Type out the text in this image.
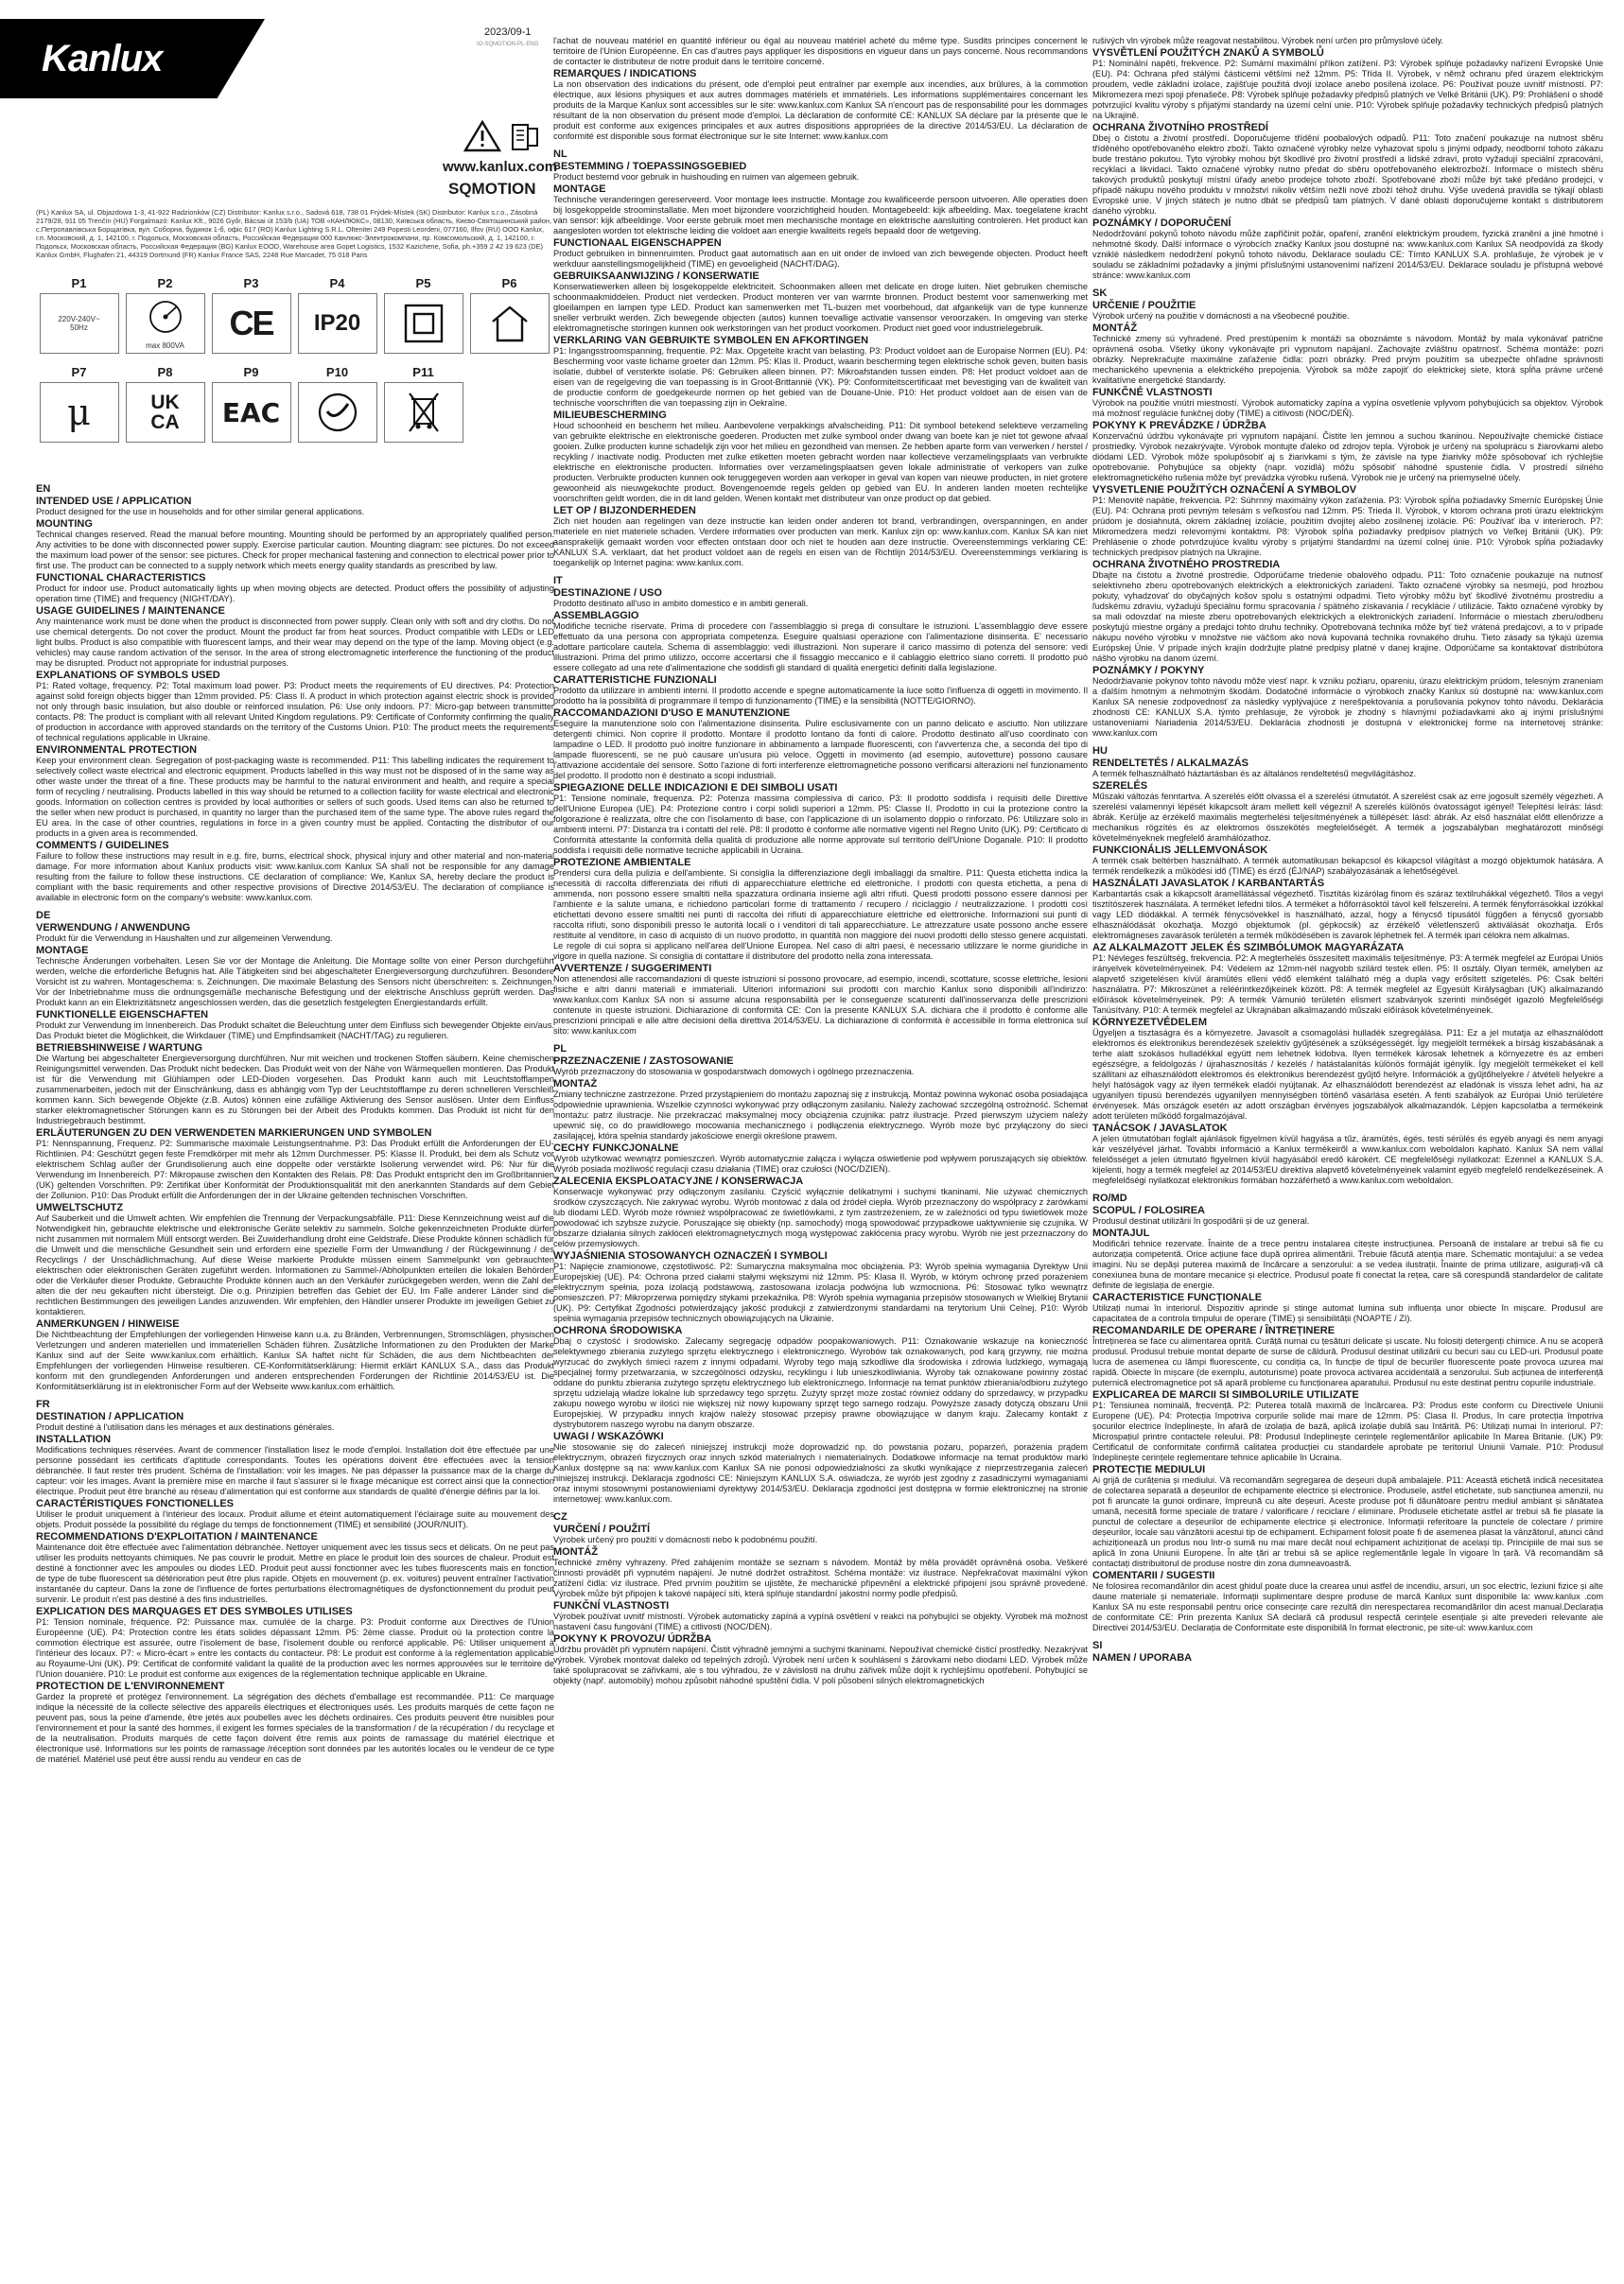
Kanlux
2023/09-1
IO-SQMOTION-PL-ENG
www.kanlux.com
SQMOTION
(PL) Kanlux SA, ul. Objazdowa 1-3, 41-922 Radzionków (CZ) Distributor: Kanlux s.r.o., Sadová 618, 738 01 Frýdek-Místek (SK) Distributor: Kanlux s.r.o., Zásobná 2179/28, 911 05 Trenčín (HU) Forgalmazó: Kanlux Kft., 9026 Győr, Bácsai út 153/b (UA) ТОВ «КАНЛЮКС», 08130, Київська область, Києво-Святошинський район, с.Петропавлівська Борщагівка, вул. Соборна, будинок 1-б, офіс 617 (RO) Kanlux Lighting S.R.L. Oltenitei 249 Popesti Leordeni, 077160, Ilfov (RU) ООО Kanlux, г.п. Московский, д. 1, 142100, г. Подольск, Московская область, Российская Федерация 000 Канлюкс-Электрокомпани, пр. Комсомольский, д. 1, 142100, г. Подольск, Московская область, Российская Федерация (BG) Kanlux EOOD, Warehouse area Gopet Logistics, 1532 Kazichene, Sofia, ph.+359 2 42 19 623 (DE) Kanlux GmbH, Flughafen 21, 44319 Dortmund (FR) Kanlux France SAS, 2248 Rue Marcadet, 75 018 Paris
P1
220V-240V~
50Hz
P2
max 800VA
P3
CE
P4
IP20
P5	P6
P7
μ
P8
UK
CA
P9
EAC
P10	P11
EN
INTENDED USE / APPLICATION

Product designed for the use in households and for other similar general applications.

MOUNTING

Technical changes reserved. Read the manual before mounting. Mounting should be performed by an appropriately qualified person. Any activities to be done with disconnected power supply. Exercise particular caution. Mounting diagram: see pictures. Do not exceed the maximum load power of the sensor: see pictures. Check for proper mechanical fastening and connection to electrical power prior to first use. The product can be connected to a supply network which meets energy quality standards as prescribed by law.

FUNCTIONAL CHARACTERISTICS

Product for indoor use. Product automatically lights up when moving objects are detected. Product offers the possibility of adjusting operation time (TIME) and frequency (NIGHT/DAY).

USAGE GUIDELINES / MAINTENANCE

Any maintenance work must be done when the product is disconnected from power supply. Clean only with soft and dry cloths. Do not use chemical detergents. Do not cover the product. Mount the product far from heat sources. Product compatible with LEDs or LED light bulbs. Product is also compatible with fluorescent lamps, and their wear may depend on the type of the lamp. Moving object (e.g. vehicles) may cause random activation of the sensor. In the area of strong electromagnetic interference the functioning of the product may be disrupted. Product not appropriate for industrial purposes.

EXPLANATIONS OF SYMBOLS USED

P1: Rated voltage, frequency. P2: Total maximum load power. P3: Product meets the requirements of EU directives. P4: Protection against solid foreign objects bigger than 12mm provided. P5: Class II. A product in which protection against electric shock is provided not only through basic insulation, but also double or reinforced insulation. P6: Use only indoors. P7: Micro-gap between transmitter contacts. P8: The product is compliant with all relevant United Kingdom regulations. P9: Certificate of Conformity confirming the quality of production in accordance with approved standards on the territory of the Customs Union. P10: The product meets the requirements of technical regulations applicable in Ukraine.

ENVIRONMENTAL PROTECTION

Keep your environment clean. Segregation of post-packaging waste is recommended. P11: This labelling indicates the requirement to selectively collect waste electrical and electronic equipment. Products labelled in this way must not be disposed of in the same way as other waste under the threat of a fine. These products may be harmful to the natural environment and health, and require a special form of recycling / neutralising. Products labelled in this way should be returned to a collection facility for waste electrical and electronic goods. Information on collection centres is provided by local authorities or sellers of such goods. Used items can also be returned to the seller when new product is purchased, in quantity no larger than the purchased item of the same type. The above rules regard the EU area. In the case of other countries, regulations in force in a given country must be applied. Contacting the distributor of our products in a given area is recommended.

COMMENTS / GUIDELINES

Failure to follow these instructions may result in e.g. fire, burns, electrical shock, physical injury and other material and non-material damage. For more information about Kanlux products visit: www.kanlux.com Kanlux SA shall not be responsible for any damage resulting from the failure to follow these instructions. CE declaration of compliance: We, Kanlux SA, hereby declare the product is compliant with the basic requirements and other respective provisions of Directive 2014/53/EU. The declaration of compliance is available in electronic form on the company's website: www.kanlux.com.

DE
VERWENDUNG / ANWENDUNG

Produkt für die Verwendung in Haushalten und zur allgemeinen Verwendung.

MONTAGE

Technische Änderungen vorbehalten. Lesen Sie vor der Montage die Anleitung. Die Montage sollte von einer Person durchgeführt werden, welche die erforderliche Befugnis hat. Alle Tätigkeiten sind bei abgeschalteter Energieversorgung durchzuführen. Besondere Vorsicht ist zu wahren. Montageschema: s. Zeichnungen. Die maximale Belastung des Sensors nicht überschreiten: s. Zeichnungen. Vor der Inbetriebnahme muss die ordnungsgemäße mechanische Befestigung und der elektrische Anschluss geprüft werden. Das Produkt kann an ein Elektrizitätsnetz angeschlossen werden, das die gesetzlich festgelegten Energiestandards erfüllt.

FUNKTIONELLE EIGENSCHAFTEN

Produkt zur Verwendung im Innenbereich. Das Produkt schaltet die Beleuchtung unter dem Einfluss sich bewegender Objekte ein/aus. Das Produkt bietet die Möglichkeit, die Wirkdauer (TIME) und Empfindsamkeit (NACHT/TAG) zu regulieren.

BETRIEBSHINWEISE / WARTUNG

Die Wartung bei abgeschalteter Energieversorgung durchführen. Nur mit weichen und trockenen Stoffen säubern. Keine chemischen Reinigungsmittel verwenden. Das Produkt nicht bedecken. Das Produkt weit von der Nähe von Wärmequellen montieren. Das Produkt ist für die Verwendung mit Glühlampen oder LED-Dioden vorgesehen. Das Produkt kann auch mit Leuchtstofflampen zusammenarbeiten, jedoch mit der Einschränkung, dass es abhängig vom Typ der Leuchtstofflampe zu deren schnelleren Verschleiß kommen kann. Sich bewegende Objekte (z.B. Autos) können eine zufällige Aktivierung des Sensor auslösen. Unter dem Einfluss starker elektromagnetischer Störungen kann es zu Störungen bei der Arbeit des Produkts kommen. Das Produkt ist nicht für den Industriegebrauch bestimmt.

ERLÄUTERUNGEN ZU DEN VERWENDETEN MARKIERUNGEN UND SYMBOLEN

P1: Nennspannung, Frequenz. P2: Summarische maximale Leistungsentnahme. P3: Das Produkt erfüllt die Anforderungen der EU-Richtlinien. P4: Geschützt gegen feste Fremdkörper mit mehr als 12mm Durchmesser. P5: Klasse II. Produkt, bei dem als Schutz vor elektrischem Schlag außer der Grundisolierung auch eine doppelte oder verstärkte Isolierung verwendet wird. P6: Nur für die Verwendung im Innenbereich. P7: Mikropause zwischen den Kontakten des Relais. P8: Das Produkt entspricht den im Großbritannien (UK) geltenden Vorschriften. P9: Zertifikat über Konformität der Produktionsqualität mit den anerkannten Standards auf dem Gebiet der Zollunion. P10: Das Produkt erfüllt die Anforderungen der in der Ukraine geltenden technischen Vorschriften.

UMWELTSCHUTZ

Auf Sauberkeit und die Umwelt achten. Wir empfehlen die Trennung der Verpackungsabfälle. P11: Diese Kennzeichnung weist auf die Notwendigkeit hin, gebrauchte elektrische und elektronische Geräte selektiv zu sammeln. Solche gekennzeichneten Produkte dürfen nicht zusammen mit normalem Müll entsorgt werden. Bei Zuwiderhandlung droht eine Geldstrafe. Diese Produkte können schädlich für die Umwelt und die menschliche Gesundheit sein und erfordern eine spezielle Form der Umwandlung / der Rückgewinnung / des Recyclings / der Unschädlichmachung. Auf diese Weise markierte Produkte müssen einem Sammelpunkt von gebrauchten elektrischen oder elektronischen Geräten zugeführt werden. Informationen zu Sammel-/Abholpunkten erteilen die lokalen Behörden oder die Verkäufer dieser Produkte. Gebrauchte Produkte können auch an den Verkäufer zurückgegeben werden, wenn die Zahl der alten die der neu gekauften nicht übersteigt. Die o.g. Prinzipien betreffen das Gebiet der EU. Im Falle anderer Länder sind die rechtlichen Bestimmungen des jeweiligen Landes anzuwenden. Wir empfehlen, den Händler unserer Produkte im jeweiligen Gebiet zu kontaktieren.

ANMERKUNGEN / HINWEISE

Die Nichtbeachtung der Empfehlungen der vorliegenden Hinweise kann u.a. zu Bränden, Verbrennungen, Stromschlägen, physischen Verletzungen und anderen materiellen und immateriellen Schäden führen. Zusätzliche Informationen zu den Produkten der Marke Kanlux sind auf der Seite www.kanlux.com erhältlich. Kanlux SA haftet nicht für Schäden, die aus dem Nichtbeachten der Empfehlungen der vorliegenden Hinweise resultieren. CE-Konformitätserklärung: Hiermit erklärt KANLUX S.A., dass das Produkt konform mit den grundlegenden Anforderungen und anderen entsprechenden Forderungen der Richtlinie 2014/53/EU ist. Die Konformitätserklärung ist in elektronischer Form auf der Webseite www.kanlux.com erhältlich.

FR
DESTINATION / APPLICATION

Produit destiné à l'utilisation dans les ménages et aux destinations générales.

INSTALLATION

Modifications techniques réservées. Avant de commencer l'installation lisez le mode d'emploi. Installation doit être effectuée par une personne possédant les certificats d'aptitude correspondants. Toutes les opérations doivent être effectuées avec la tension débranchée. Il faut rester très prudent. Schéma de l'installation: voir les images. Ne pas dépasser la puissance max de la charge du capteur: voir les images. Avant la première mise en marche il faut s'assurer si le fixage mécanique est correct ainsi que la connection électrique. Produit peut être branché au réseau d'alimentation qui est conforme aux standards de qualité d'énergie définis par la loi.

CARACTÉRISTIQUES FONCTIONELLES

Utiliser le produit uniquement à l'intérieur des locaux. Produit allume et éteint automatiquement l'éclairage suite au mouvement des objets. Produit possède la possibilité du réglage du temps de fonctionnement (TIME) et sensibilité (JOUR/NUIT).

RECOMMENDATIONS D'EXPLOITATION / MAINTENANCE

Maintenance doit être effectuée avec l'alimentation débranchée. Nettoyer uniquement avec les tissus secs et délicats. On ne peut pas utiliser les produits nettoyants chimiques. Ne pas couvrir le produit. Mettre en place le produit loin des sources de chaleur. Produit est destiné à fonctionner avec les ampoules ou diodes LED. Produit peut aussi fonctionner avec les tubes fluorescents mais en fonction de type de tube fluorescent sa détérioration peut être plus rapide. Objets en mouvement (p. ex. voitures) peuvent entraîner l'activation instantanée du capteur. Dans la zone de l'influence de fortes perturbations électromagnétiques de dysfonctionnement du produit peut survenir. Le produit n'est pas destiné à des fins industrielles.

EXPLICATION DES MARQUAGES ET DES SYMBOLES UTILISES

P1: Tension nominale, fréquence. P2: Puissance max. cumulée de la charge. P3: Produit conforme aux Directives de l'Union Européenne (UE). P4: Protection contre les états solides dépassant 12mm. P5: 2ème classe. Produit où la protection contre la commotion électrique est assurée, outre l'isolement de base, l'isolement double ou renforcé applicable. P6: Utiliser uniquement à l'intérieur des locaux. P7: « Micro-écart » entre les contacts du contacteur. P8: Le produit est conforme à la réglementation applicable au Royaume-Uni (UK). P9: Certificat de conformité validant la qualité de la production avec les normes approuvées sur le territoire de l'Union douanière. P10: Le produit est conforme aux exigences de la réglementation technique applicable en Ukraine.

PROTECTION DE L'ENVIRONNEMENT

Gardez la propreté et protégez l'environnement. La ségrégation des déchets d'emballage est recommandée. P11: Ce marquage indique la nécessité de la collecte sélective des appareils électriques et électroniques usés. Les produits marqués de cette façon ne peuvent pas, sous la peine d'amende, être jetés aux poubelles avec les déchets ordinaires. Ces produits peuvent être nuisibles pour l'environnement et pour la santé des hommes, il exigent les formes spéciales de la transformation / de la récupération / du recyclage et de la neutralisation. Produits marqués de cette façon doivent être remis aux points de ramassage du matériel électrique et électronique usé. Informations sur les points de ramassage /réception sont données par les autorités locales ou le vendeur de ce type de matériel. Matériel usé peut être aussi rendu au vendeur en cas de

l'achat de nouveau matériel en quantité inférieur ou égal au nouveau matériel acheté du même type. Susdits principes concernent le territoire de l'Union Européenne. En cas d'autres pays appliquer les dispositions en vigueur dans un pays concerné. Nous recommandons de contacter le distributeur de notre produit dans le territoire concerné.

REMARQUES / INDICATIONS

La non observation des indications du présent, ode d'emploi peut entraîner par exemple aux incendies, aux brûlures, à la commotion électrique, aux lésions physiques et aux autres dommages matériels et immatériels. Les informations supplémentaires concernant les produits de la Marque Kanlux sont accessibles sur le site: www.kanlux.com Kanlux SA n'encourt pas de responsabilité pour les dommages résultant de la non observation du présent mode d'emploi. La déclaration de conformité CE: KANLUX SA déclare par la présente que le produit est conforme aux exigences principales et aux autres dispositions appropriées de la directive 2014/53/EU. La déclaration de conformité est disponible sous format électronique sur le site Internet: www.kanlux.com

NL
BESTEMMING / TOEPASSINGSGEBIED

Product bestemd voor gebruik in huishouding en ruimen van algemeen gebruik.

MONTAGE

Technische veranderingen gereserveerd. Voor montage lees instructie. Montage zou kwalificeerde persoon uitvoeren. Alle operaties doen bij losgekoppelde stroominstallatie. Men moet bijzondere voorzichtigheid houden. Montagebeeld: kijk afbeelding. Max. toegelatene kracht van sensor: kijk afbeeldinge. Voor eerste gebruik moet men mechanische montage en elektrische aansluiting controleren. Het product kan aangesloten worden tot elektrische leiding die voldoet aan energie kwaliteits regels bepaald door de wetgeving.

FUNCTIONAAL EIGENSCHAPPEN

Product gebruiken in binnenruimten. Product gaat automatisch aan en uit onder de invloed van zich bewegende objecten. Product heeft werkduur aanstellingsmogelijkheid (TIME) en gevoeligheid (NACHT/DAG).

GEBRUIKSAANWIJZING / KONSERWATIE

Konserwatiewerken alleen bij losgekoppelde elektriciteit. Schoonmaken alleen met delicate en droge luiten. Niet gebruiken chemische schoonmaakmiddelen. Product niet verdecken. Product monteren ver van warmte bronnen. Product bestemt voor samenwerking met gloeilampen en lampen type LED. Product kan samenwerken met TL-buizen met voorbehoud, dat afgankelijk van de type kunnenze sneller verbruikt werden. Zich bewegende objecten (autos) kunnen toevallige activatie vansensor veroorzaken. In omgeving van sterke elektromagnetische storingen kunnen ook werkstoringen van het product voorkomen. Product niet goed voor industrielegebruik.

VERKLARING VAN GEBRUIKTE SYMBOLEN EN AFKORTINGEN

P1: Ingangsstroomspanning, frequentie. P2: Max. Opgetelte kracht van belasting. P3: Product voldoet aan de Europaise Normen (EU). P4: Bescherming voor vaste lichame groeter dan 12mm. P5: Klas II. Product, waarin bescherming tegen elektrische schok geven, buiten basis isolatie, dubbel of versterkte isolatie. P6: Gebruiken alleen binnen. P7: Mikroafstanden tussen einden. P8: Het product voldoet aan de eisen van de regelgeving die van toepassing is in Groot-Brittannië (VK). P9: Conformiteitscertificaat met bevestiging van de kwaliteit van de productie conform de goedgekeurde normen op het gebied van de Douane-Unie. P10: Het product voldoet aan de eisen van de technische voorschriften die van toepassing zijn in Oekraïne.

MILIEUBESCHERMING

Houd schoonheid en bescherm het milieu. Aanbevolene verpakkings afvalscheiding. P11: Dit symbool betekend selektieve verzameling van gebruikte elektrische en elektronische goederen. Producten met zulke symbool onder dwang van boete kan je niet tot gewone afvaal gooien. Zulke producten kunne schadelijk zijn voor het milieu en gezondheid van mensen. Ze hebben aparte form van verwerken / herstel / recykling / inactivate nodig. Producten met zulke etiketten moeten gebracht worden naar kollectieve verzamelingsplaats van verbruikte elektrische en elektronische producten. Informaties over verzamelingsplaatsen geven lokale administratie of verkopers van zulke producten. Verbruikte producten kunnen ook teruggegeven worden aan verkoper in geval van kopen van nieuwe producten, in niet grotere gewoonheid als nieuwgekochte product. Bovengenoemde regels gelden op gebied van EU. In anderen landen moeten rechtelijke voorschriften geldt worden, die in dit land gelden. Wenen kontakt met distributeur van onze product op dat gebied.

LET OP / BIJZONDERHEDEN

Zich niet houden aan regelingen van deze instructie kan leiden onder anderen tot brand, verbrandingen, overspanningen, en ander materiele en niet materiele schaden. Verdere informaties over producten van merk. Kanlux zijn op: www.kanlux.com. Kanlux SA kan niet aansprakelijk gemaakt worden voor effecten ontstaan door och niet te houden aan deze instructie. Overeenstemmings verklaring CE: KANLUX S.A. verklaart, dat het product voldoet aan de regels en eisen van de Richtlijn 2014/53/EU. Overeenstemmings verklaring is toegankelijk op Internet pagina: www.kanlux.com.

IT
DESTINAZIONE / USO

Prodotto destinato all'uso in ambito domestico e in ambiti generali.

ASSEMBLAGGIO

Modifiche tecniche riservate. Prima di procedere con l'assemblaggio si prega di consultare le istruzioni. L'assemblaggio deve essere effettuato da una persona con appropriata competenza. Eseguire qualsiasi operazione con l'alimentazione disinserita. E' necessario adottare particolare cautela. Schema di assemblaggio: vedi illustrazioni. Non superare il carico massimo di potenza del sensore: vedi illustrazioni. Prima del primo utilizzo, occorre accertarsi che il fissaggio meccanico e il cablaggio elettrico siano corretti. Il prodotto può essere collegato ad una rete d'alimentazione che soddisfi gli standard di qualità energetici definiti dalla legislazione.

CARATTERISTICHE FUNZIONALI

Prodotto da utilizzare in ambienti interni. Il prodotto accende e spegne automaticamente la luce sotto l'influenza di oggetti in movimento. Il prodotto ha la possibilità di programmare il tempo di funzionamento (TIME) e la sensibilità (NOTTE/GIORNO).

RACCOMANDAZIONI D'USO E MANUTENZIONE

Eseguire la manutenzione solo con l'alimentazione disinserita. Pulire esclusivamente con un panno delicato e asciutto. Non utilizzare detergenti chimici. Non coprire il prodotto. Montare il prodotto lontano da fonti di calore. Prodotto destinato all'uso coordinato con lampadine o LED. Il prodotto può inoltre funzionare in abbinamento a lampade fluorescenti, con l'avvertenza che, a seconda del tipo di lampade fluorescenti, se ne può causare un'usura più veloce. Oggetti in movimento (ad esempio, autovetture) possono causare l'attivazione accidentale del sensore. Sotto l'azione di forti interferenze elettromagnetiche possono verificarsi alterazioni nel funzionamento del prodotto. Il prodotto non è destinato a scopi industriali.

SPIEGAZIONE DELLE INDICAZIONI E DEI SIMBOLI USATI

P1: Tensione nominale, frequenza. P2: Potenza massima complessiva di carico. P3: Il prodotto soddisfa i requisiti delle Direttive dell'Unione Europea (UE). P4: Protezione contro i corpi solidi superiori a 12mm. P5: Classe II. Prodotto in cui la protezione contro la folgorazione è realizzata, oltre che con l'isolamento di base, con l'applicazione di un isolamento doppio o rinforzato. P6: Utilizzare solo in ambienti interni. P7: Distanza tra i contatti del relè. P8: Il prodotto è conforme alle normative vigenti nel Regno Unito (UK). P9: Certificato di Conformità attestante la conformità della qualità di produzione alle norme approvate sul territorio dell'Unione Doganale. P10: Il prodotto soddisfa i requisiti delle normative tecniche applicabili in Ucraina.

PROTEZIONE AMBIENTALE

Prendersi cura della pulizia e dell'ambiente. Si consiglia la differenziazione degli imballaggi da smaltire. P11: Questa etichetta indica la necessità di raccolta differenziata dei rifiuti di apparecchiature elettriche ed elettroniche. I prodotti con questa etichetta, a pena di ammenda, non possono essere smaltiti nella spazzatura ordinaria insieme agli altri rifiuti. Questi prodotti possono essere dannosi per l'ambiente e la salute umana, e richiedono particolari forme di trattamento / recupero / riciclaggio / neutralizzazione. I prodotti così etichettati devono essere smaltiti nei punti di raccolta dei rifiuti di apparecchiature elettriche ed elettroniche. Informazioni sui punti di raccolta rifiuti, sono disponibili presso le autorità locali o i venditori di tali apparecchiature. Le attrezzature usate possono anche essere restituite al venditore, in caso di acquisto di un nuovo prodotto, in quantità non maggiore dei nuovi prodotti dello stesso genere acquistati. Le regole di cui sopra si applicano nell'area dell'Unione Europea. Nel caso di altri paesi, è necessario utilizzare le norme giuridiche in vigore in quella nazione. Si consiglia di contattare il distributore del prodotto nella zona interessata.

AVVERTENZE / SUGGERIMENTI

Non attenendosi alle raccomandazioni di queste istruzioni si possono provocare, ad esempio, incendi, scottature, scosse elettriche, lesioni fisiche e altri danni materiali e immateriali. Ulteriori informazioni sui prodotti con marchio Kanlux sono disponibili all'indirizzo: www.kanlux.com Kanlux SA non si assume alcuna responsabilità per le conseguenze scaturenti dall'inosservanza delle prescrizioni contenute in queste istruzioni. Dichiarazione di conformità CE: Con la presente KANLUX S.A. dichiara che il prodotto è conforme alle prescrizioni principali e alle altre decisioni della direttiva 2014/53/EU. La dichiarazione di conformità è accessibile in forma elettronica sul sito: www.kanlux.com

PL
PRZEZNACZENIE / ZASTOSOWANIE

Wyrób przeznaczony do stosowania w gospodarstwach domowych i ogólnego przeznaczenia.

MONTAŻ

Zmiany techniczne zastrzeżone. Przed przystąpieniem do montażu zapoznaj się z instrukcją. Montaż powinna wykonać osoba posiadająca odpowiednie uprawnienia. Wszelkie czynności wykonywać przy odłączonym zasilaniu. Należy zachować szczególną ostrożność. Schemat montażu: patrz ilustracje. Nie przekraczać maksymalnej mocy obciążenia czujnika: patrz ilustracje. Przed pierwszym użyciem należy upewnić się, co do prawidłowego mocowania mechanicznego i podłączenia elektrycznego. Wyrób może być przyłączony do sieci zasilającej, która spełnia standardy jakościowe energii określone prawem.

CECHY FUNKCJONALNE

Wyrób użytkować wewnątrz pomieszczeń. Wyrób automatycznie załącza i wyłącza oświetlenie pod wpływem poruszających się obiektów. Wyrób posiada możliwość regulacji czasu działania (TIME) oraz czułości (NOC/DZIEŃ).

ZALECENIA EKSPLOATACYJNE / KONSERWACJA

Konserwacje wykonywać przy odłączonym zasilaniu. Czyścić wyłącznie delikatnymi i suchymi tkaninami. Nie używać chemicznych środków czyszczących. Nie zakrywać wyrobu. Wyrób montować z dala od źródeł ciepła. Wyrób przeznaczony do współpracy z żarówkami lub diodami LED. Wyrób może również współpracować ze świetlówkami, z tym zastrzeżeniem, że w zależności od typu świetlówek może powodować ich szybsze zużycie. Poruszające się obiekty (np. samochody) mogą spowodować przypadkowe uaktywnienie się czujnika. W obszarze działania silnych zakłóceń elektromagnetycznych mogą występować zakłócenia pracy wyrobu. Wyrób nie jest przeznaczony do celów przemysłowych.

WYJAŚNIENIA STOSOWANYCH OZNACZEŃ I SYMBOLI

P1: Napięcie znamionowe, częstotliwość. P2: Sumaryczna maksymalna moc obciążenia. P3: Wyrób spełnia wymagania Dyrektyw Unii Europejskiej (UE). P4: Ochrona przed ciałami stałymi większymi niż 12mm. P5: Klasa II. Wyrób, w którym ochronę przed porażeniem elektrycznym spełnia, poza izolacją podstawową, zastosowana izolacja podwójna lub wzmocniona. P6: Stosować tylko wewnątrz pomieszczeń. P7: Mikroprzerwa pomiędzy stykami przekaźnika. P8: Wyrób spełnia wymagania przepisów stosowanych w Wielkiej Brytanii (UK). P9: Certyfikat Zgodności potwierdzający jakość produkcji z zatwierdzonymi standardami na terytorium Unii Celnej. P10: Wyrób spełnia wymagania przepisów technicznych obowiązujących na Ukrainie.

OCHRONA ŚRODOWISKA

Dbaj o czystość i środowisko. Zalecamy segregację odpadów poopakowaniowych. P11: Oznakowanie wskazuje na konieczność selektywnego zbierania zużytego sprzętu elektrycznego i elektronicznego. Wyrobów tak oznakowanych, pod karą grzywny, nie można wyrzucać do zwykłych śmieci razem z innymi odpadami. Wyroby tego mają szkodliwe dla środowiska i zdrowia ludzkiego, wymagają specjalnej formy przetwarzania, w szczególności odzysku, recyklingu i lub unieszkodliwiania. Wyroby tak oznakowane powinny zostać oddane do punktu zbierania zużytego sprzętu elektrycznego lub elektronicznego. Informacje na temat punktów zbierania/odbioru zużytego sprzętu udzielają władze lokalne lub sprzedawcy tego sprzętu. Zużyty sprzęt może zostać również oddany do sprzedawcy, w przypadku zakupu nowego wyrobu w ilości nie większej niż nowy kupowany sprzęt tego samego rodzaju. Powyższe zasady dotyczą obszaru Unii Europejskiej. W przypadku innych krajów należy stosować przepisy prawne obowiązujące w danym kraju. Zalecamy kontakt z dystrybutorem naszego wyrobu na danym obszarze.

UWAGI / WSKAZÓWKI

Nie stosowanie się do zaleceń niniejszej instrukcji może doprowadzić np. do powstania pożaru, poparzeń, porażenia prądem elektrycznym, obrażeń fizycznych oraz innych szkód materialnych i niematerialnych. Dodatkowe informacje na temat produktów marki Kanlux dostępne są na: www.kanlux.com Kanlux SA nie ponosi odpowiedzialności za skutki wynikające z nieprzestrzegania zaleceń niniejszej instrukcji. Deklaracja zgodności CE: Niniejszym KANLUX S.A. oświadcza, że wyrób jest zgodny z zasadniczymi wymaganiami oraz innymi stosownymi postanowieniami dyrektywy 2014/53/EU. Deklaracja zgodności jest dostępna w formie elektronicznej na stronie internetowej: www.kanlux.com.

CZ
VURČENÍ / POUŽITÍ

Výrobek určený pro použití v domácnosti nebo k podobnému použití.

MONTÁŽ

Technické změny vyhrazeny. Před zahájením montáže se seznam s návodem. Montáž by měla provádět oprávněná osoba. Veškeré činnosti provádět při vypnutém napájení. Je nutné dodržet ostražitost. Schéma montáže: viz ilustrace. Nepřekračovat maximální výkon zatížení čidla: viz ilustrace. Před prvním použitím se ujistěte, že mechanické připevnění a elektrické připojení jsou správně provedené. Výrobek může být připojen k takové napájecí síti, která splňuje standardní jakostní normy podle předpisů.

FUNKČNÍ VLASTNOSTI

Výrobek používat uvnitř místností. Výrobek automaticky zapíná a vypíná osvětlení v reakci na pohybující se objekty. Výrobek má možnost nastavení času fungování (TIME) a citlivosti (NOC/DEN).

POKYNY K PROVOZU/ ÚDRŽBA

Údržbu provádět při vypnutém napájení. Čistit výhradně jemnými a suchými tkaninami. Nepoužívat chemické čisticí prostředky. Nezakrývat výrobek. Výrobek montovat daleko od tepelných zdrojů. Výrobek není určen k souhlásení s žárovkami nebo diodami LED. Výrobek může také spolupracovat se zářivkami, ale s tou výhradou, že v závislosti na druhu zářivek může dojít k rychlejšímu opotřebení. Pohybující se objekty (např. automobily) mohou způsobit náhodné spuštění čidla. V poli působení silných elektromagnetických

rušivých vln výrobek může reagovat nestabilitou. Výrobek není určen pro průmyslové účely.

VYSVĚTLENÍ POUŽITÝCH ZNAKŮ A SYMBOLŮ

P1: Nominální napětí, frekvence. P2: Sumární maximální příkon zatížení. P3: Výrobek splňuje požadavky nařízení Evropské Unie (EU). P4: Ochrana před stálými částicemi většími než 12mm. P5: Třída II. Výrobek, v němž ochranu před úrazem elektrickým proudem, vedle základní izolace, zajišťuje použitá dvojí izolace anebo posílená izolace. P6: Používat pouze uvnitř místností. P7: Mikromezera mezi spoji přenašeče. P8: Výrobek splňuje požadavky předpisů platných ve Velké Británii (UK). P9: Prohlášení o shodě potvrzující kvalitu výroby s přijatými standardy na území celní unie. P10: Výrobek splňuje požadavky technických předpisů platných na Ukrajině.

OCHRANA ŽIVOTNÍHO PROSTŘEDÍ

Dbej o čistotu a životní prostředí. Doporučujeme třídění poobalových odpadů. P11: Toto značení poukazuje na nutnost sběru tříděného opotřebovaného elektro zboží. Takto označené výrobky nelze vyhazovat spolu s jinými odpady, neodborní tohoto zákazu bude trestáno pokutou. Tyto výrobky mohou být škodlivé pro životní prostředí a lidské zdraví, proto vyžadují speciální zpracování, recyklaci a likvidaci. Takto označené výrobky nutno předat do sběru opotřebovaného elektrozboží. Informace o místech sběru takových produktů poskytují místní úřady anebo prodejce tohoto zboží. Spotřebované zboží může být také předáno prodejci, v případě nákupu nového produktu v množství nikoliv větším nežli nové zboží téhož druhu. Výše uvedená pravidla se týkají oblasti Evropské unie. V jiných státech je nutno dbát se předpisů tam platných. V dané oblasti doporučujeme kontakt s distributorem daného výrobku.

POZNÁMKY / DOPORUČENÍ

Nedodržování pokynů tohoto návodu může zapříčinit požár, opaření, zranění elektrickým proudem, fyzická zranění a jiné hmotné i nehmotné škody. Další informace o výrobcích značky Kanlux jsou dostupné na: www.kanlux.com Kanlux SA neodpovídá za škody vzniklé následkem nedodržení pokynů tohoto návodu. Deklarace souladu CE: Tímto KANLUX S.A. prohlašuje, že výrobek je v souladu se základními požadavky a jinými příslušnými ustanoveními nařízení 2014/53/EU. Deklarace souladu je přístupná webové stránce: www.kanlux.com

SK
URČENIE / POUŽITIE

Výrobok určený na použitie v domácnosti a na všeobecné použitie.

MONTÁŽ

Technické zmeny sú vyhradené. Pred prestúpením k montáži sa oboznámte s návodom. Montáž by mala vykonávať patrične oprávnená osoba. Všetky úkony vykonávajte pri vypnutom napájaní. Zachovajte zvláštnu opatrnosť. Schéma montáže: pozri obrázky. Neprekračujte maximálne zaťaženie čidla: pozri obrázky. Pred prvým použitím sa ubezpečte ohľadne správnosti mechanického upevnenia a elektrického prepojenia. Výrobok sa môže zapojiť do elektrickej siete, ktorá spĺňa právne určené kvalitatívne energetické štandardy.

FUNKČNÉ VLASTNOSTI

Výrobok na použitie vnútri miestností. Výrobok automaticky zapína a vypína osvetlenie vplyvom pohybujúcich sa objektov. Výrobok má možnosť regulácie funkčnej doby (TIME) a citlivosti (NOC/DEŇ).

POKYNY K PREVÁDZKE / ÚDRŽBA

Konzervačnú údržbu vykonávajte pri vypnutom napájaní. Čistite len jemnou a suchou tkaninou. Nepoužívajte chemické čistiace prostriedky. Výrobok nezakrývajte. Výrobok montujte ďaleko od zdrojov tepla. Výrobok je určený na spoluprácu s žiarovkami alebo diódami LED. Výrobok môže spolupôsobiť aj s žiarivkami s tým, že závisle na type žiarivky môže spôsobovať ich rýchlejšie opotrebovanie. Pohybujúce sa objekty (napr. vozidlá) môžu spôsobiť náhodné spustenie čidla. V prostredí silného elektromagnetického rušenia môže byť prevádzka výrobku rušená. Výrobok nie je určený na priemyselné účely.

VYSVETLENIE POUŽITÝCH OZNAČENÍ A SYMBOLOV

P1: Menovité napätie, frekvencia. P2: Súhrnný maximálny výkon zaťaženia. P3: Výrobok spĺňa požiadavky Smerníc Európskej Únie (EU). P4: Ochrana proti pevným telesám s veľkosťou nad 12mm. P5: Trieda II. Výrobok, v ktorom ochrana proti úrazu elektrickým prúdom je dosiahnutá, okrem základnej izolácie, použitím dvojitej alebo zosilnenej izolácie. P6: Používať iba v interieroch. P7: Mikromedzera medzi relevomými kontaktmi. P8: Výrobok spĺňa požiadavky predpisov platných vo Veľkej Británii (UK). P9: Prehlásenie o zhode potvrdzujúce kvalitu výroby s prijatými štandardmi na území colnej únie. P10: Výrobok spĺňa požiadavky technických predpisov platných na Ukrajine.

OCHRANA ŽIVOTNÉHO PROSTREDIA

Dbajte na čistotu a životné prostredie. Odporúčame triedenie obalového odpadu. P11: Toto označenie poukazuje na nutnosť selektívneho zberu opotrebovaných elektrických a elektronických zariadení. Takto označené výrobky sa nesmejú, pod hrozbou pokuty, vyhadzovať do obyčajných košov spolu s ostatnými odpadmi. Tieto výrobky môžu byť škodlivé životnému prostrediu a ľudskému zdraviu, vyžadujú špeciálnu formu spracovania / spätného získavania / recyklácie / utilizácie. Takto označené výrobky by sa mali odovzdať na mieste zberu opotrebovaných elektrických a elektronických zariadení. Informácie o miestach zberu/odberu poskytujú miestne orgány a predajci tohto druhu techniky. Opotrebovaná technika môže byť tiež vrátená predajcovi, a to v prípade nákupu nového výrobku v množstve nie väčšom ako nová kupovaná technika rovnakého druhu. Tieto zásady sa týkajú územia Európskej Únie. V prípade iných krajín dodržujte platné predpisy platné v danej krajine. Odporúčame sa kontaktovať distribútora nášho výrobku na danom území.

POZNÁMKY / POKYNY

Nedodržiavanie pokynov tohto návodu môže viesť napr. k vzniku požiaru, opareniu, úrazu elektrickým prúdom, telesným zraneniam a ďalším hmotným a nehmotným škodám. Dodatočné informácie o výrobkoch značky Kanlux sú dostupné na: www.kanlux.com Kanlux SA nenesie zodpovednosť za následky vyplývajúce z nerešpektovania a porušovania pokynov tohto návodu. Deklarácia zhodnosti CE: KANLUX S.A. týmto prehlasuje, že výrobok je zhodný s hlavnými požiadavkami ako aj inými príslušnými ustanoveniami Nariadenia 2014/53/EU. Deklarácia zhodnosti je dostupná v elektronickej forme na internetovej stránke: www.kanlux.com

HU
RENDELTETÉS / ALKALMAZÁS

A termék felhasználható háztartásban és az általános rendeltetésű megvilágításhoz.

SZERELÉS

Műszaki változás fenntartva. A szerelés előtt olvassa el a szerelési útmutatót. A szerelést csak az erre jogosult személy végezheti. A szerelési valamennyi lépését kikapcsolt áram mellett kell végezni! A szerelés különös óvatosságot igényel! Telepítési leírás: lásd: ábrák. Kerülje az érzékelő maximális megterhelési teljesítményének a túllépését: lásd: ábrák. Az első használat előtt ellenőrizze a mechanikus rögzítés és az elektromos összekötés megfelelőségét. A termék a jogszabályban meghatározott minőségi követelményeknek megfelelő áramhálózathoz.

FUNKCIONÁLIS JELLEMVONÁSOK

A termék csak beltérben használható. A termék automatikusan bekapcsol és kikapcsol világítást a mozgó objektumok hatására. A termék rendelkezik a működési idő (TIME) és érző (ÉJ/NAP) szabályozásának a lehetőségével.

HASZNÁLATI JAVASLATOK / KARBANTARTÁS

Karbantartás csak a kikapcsolt áramellátással végezhető. Tisztítás kizárólag finom és száraz textilruhákkal végezhető. Tilos a vegyi tisztítószerek használata. A terméket lefedni tilos. A terméket a hőforrásoktól távol kell felszerelni. A termék fényforrásokkal izzókkal vagy LED diódákkal. A termék fénycsövekkel is használható, azzal, hogy a fénycső típusától függően a fénycső gyorsabb elhasználódását okozhatja. Mozgó objektumok (pl. gépkocsik) az érzékelő véletlenszerű aktiválását okozhatja. Erős elektromágneses zavarások területén a termék működésében is zavarok léphetnek fel. A termék ipari célokra nem alkalmas.

AZ ALKALMAZOTT JELEK ÉS SZIMBÓLUMOK MAGYARÁZATA

P1: Névleges feszültség, frekvencia. P2: A megterhelés összesített maximális teljesítménye. P3: A termék megfelel az Európai Uniós irányelvek követelményeinek. P4: Védelem az 12mm-nél nagyobb szilárd testek ellen. P5: II osztály. Olyan termék, amelyben az alapvető szigetelésen kívül áramütés elleni védő elemként található még a dupla vagy erősített szigetelés. P6: Csak beltéri használatra. P7: Mikroszünet a reléérintkezőjkeinek között. P8: A termék megfelel az Egyesült Királyságban (UK) alkalmazandó előírások követelményeinek. P9: A termék Vámunió területén elismert szabványok szerinti minőségét igazoló Megfelelőségi Tanúsítvány. P10: A termék megfelel az Ukrajnában alkalmazandó műszaki előírások követelményeinek.

KÖRNYEZETVÉDELEM

Ügyeljen a tisztaságra és a környezetre. Javasolt a csomagolási hulladék szegregálása. P11: Ez a jel mutatja az elhasználódott elektromos és elektronikus berendezések szelektív gyűjtésének a szükségességét. Így megjelölt termékek a bírság kiszabásának a terhe alatt szokásos hulladékkal együtt nem lehetnek kidobva. Ilyen termékek károsak lehetnek a környezetre és az emberi egészségre, a feldolgozás / újrahasznosítás / kezelés / hatástalanítás különös formáját igénylik. Így megjelölt termékeket el kell szállítani az elhasználódott elektromos és elektronikus berendezést gyűjtő helyre. Információk a gyűjtőhelyekre / átvételi helyekre a helyi hatóságok vagy az ilyen termékek eladói nyújtanak. Az elhasználódott berendezést az eladónak is vissza lehet adni, ha az ugyanilyen típusú berendezés ugyanilyen mennyiségben történő vásárlása esetén. A fenti szabályok az Európai Unió területére érvényesek. Más országok esetén az adott országban érvényes jogszabályok alkalmazandók. Lépjen kapcsolatba a termékeink adott területen működő forgalmazójával.

TANÁCSOK / JAVASLATOK

A jelen útmutatóban foglalt ajánlások figyelmen kívül hagyása a tűz, áramütés, égés, testi sérülés és egyéb anyagi és nem anyagi kár veszélyével járhat. További információ a Kanlux termékeiről a www.kanlux.com weboldalon kapható. Kanlux SA nem vállal felelősséget a jelen útmutató figyelmen kívül hagyásából eredő károkért. CE megfelelőségi nyilatkozat: Ezennel a KANLUX S.A. kijelenti, hogy a termék megfelel az 2014/53/EU direktíva alapvető követelményeinek valamint egyéb megfelelő rendelkezéseinek. A megfelelőségi nyilatkozat elektronikus formában hozzáférhető a www.kanlux.com weboldalon.

RO/MD
SCOPUL / FOLOSIREA

Produsul destinat utilizării în gospodării și de uz general.

MONTAJUL

Modificări tehnice rezervate. Înainte de a trece pentru instalarea citește instrucțiunea. Persoană de instalare ar trebui să fie cu autorizația competentă. Orice acțiune face după oprirea alimentării. Trebuie făcută atenția mare. Schematic montajului: a se vedea imagini. Nu se depăși puterea maximă de încărcare a senzorului: a se vedea ilustrații. Înainte de prima utilizare, asigurați-vă că conexiunea buna de montare mecanice și electrice. Produsul poate fi conectat la rețea, care să corespundă standardelor de calitate definite de legislația de energie.

CARACTERISTICE FUNCȚIONALE

Utilizați numai în interiorul. Dispozitiv aprinde și stinge automat lumina sub influența unor obiecte în mișcare. Produsul are capacitatea de a controla timpului de operare (TIME) și sensibilității (NOAPTE / ZI).

RECOMANDARILE DE OPERARE / ÎNTREȚINERE

Întreținerea se face cu alimentarea oprită. Curăță numai cu țesături delicate și uscate. Nu folosiți detergenți chimice. A nu se acoperă produsul. Produsul trebuie montat departe de surse de căldură. Produsul destinat utilizării cu becuri sau cu LED-uri. Produsul poate lucra de asemenea cu lămpi fluorescente, cu condiția ca, în funcție de tipul de becuriler fluorescente poate provoca uzurea mai rapidă. Obiecte în mișcare (de exemplu, autoturisme) poate provoca activarea accidentală a senzorului. Sub acțiunea de interferență puternică electromagnetice pot să apară probleme cu funcționarea aparatului. Produsul nu este destinat pentru copurile industriale.

EXPLICAREA DE MARCII SI SIMBOLURILE UTILIZATE

P1: Tensiunea nominală, frecvență. P2: Puterea totală maximă de încărcarea. P3: Produs este conform cu Directivele Uniunii Europene (UE). P4: Protecția împotriva corpurile solide mai mare de 12mm. P5: Clasa II. Produs, în care protecția împotriva șocurilor electrice îndeplinește, în afară de izolația de bază, aplică izolație dublă sau întărită. P6: Utilizați numai în interiorul. P7: Microspațiul printre contactele releului. P8: Produsul îndeplinește cerințele reglementărilor aplicabile în Marea Britanie. (UK) P9: Certificatul de conformitate confirmă calitatea producției cu standardele aprobate pe teritoriul Uniunii Vamale. P10: Produsul îndeplinește cerințele reglementare tehnice aplicabile în Ucraina.

PROTECȚIE MEDIULUI

Ai grijă de curățenia și mediului. Vă recomandăm segregarea de deșeuri după ambalajele. P11: Această etichetă indică necesitatea de colectarea separată a deșeurilor de echipamente electrice și electronice. Produsele, astfel etichetate, sub sancțiunea amenzii, nu pot fi aruncate la gunoi ordinare, împreună cu alte deșeuri. Aceste produse pot fi dăunătoare pentru mediul ambiant și sănătatea umană, necesită forme speciale de tratare / valorificare / reciclare / eliminare. Produsele etichetate astfel ar trebui să fie plasate la punctul de colectare a deșeurilor de echipamente electrice și electronice. Informații referitoare la punctele de colectare / primire deșeurilor, locale sau vânzătorii acestui tip de echipament. Echipament folosit poate fi de asemenea plasat la vânzătorul, atunci când achiziționează un produs nou într-o sumă nu mai mare decât noul echipament achiziționat de același tip. Principiile de mai sus se aplică în zona Uniunii Europene. În alte țări ar trebui să se aplice reglementările legale în vigoare în țară. Vă recomandăm să contactați distribuitorul de produse nostre din zona dumneavoastră.

COMENTARII / SUGESTII

Ne folosirea recomandărilor din acest ghidul poate duce la crearea unui astfel de incendiu, arsuri, un șoc electric, leziuni fizice și alte daune materiale și nemateriale. Informații suplimentare despre produse de marcă Kanlux sunt disponibile la: www.kanlux .com Kanlux SA nu este responsabil pentru orice consecințe care rezultă din nerespectarea recomandărilor din acest manual.Declarația de conformitate CE: Prin prezenta Kanlux SA declară că produsul respectă cerințele esențiale și alte prevederi relevante ale Directivei 2014/53/EU. Declarația de Conformitate este disponibilă în format electronic, pe site-ul: www.kanlux.com

SI
NAMEN / UPORABA
